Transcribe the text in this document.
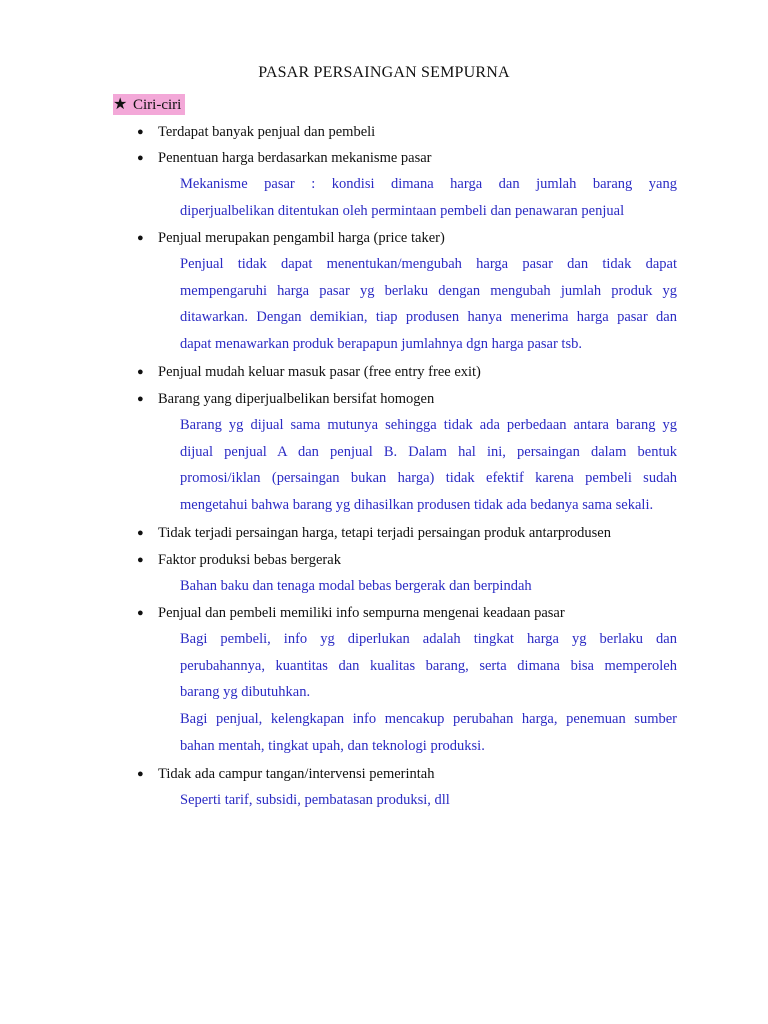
PASAR PERSAINGAN SEMPURNA
★ Ciri-ciri
● Terdapat banyak penjual dan pembeli
● Penentuan harga berdasarkan mekanisme pasar
Mekanisme pasar : kondisi dimana harga dan jumlah barang yang
diperjualbelikan ditentukan oleh permintaan pembeli dan penawaran penjual
● Penjual merupakan pengambil harga (price taker)
Penjual tidak dapat menentukan/mengubah harga pasar dan tidak dapat
mempengaruhi harga pasar yg berlaku dengan mengubah jumlah produk yg
ditawarkan. Dengan demikian, tiap produsen hanya menerima harga pasar dan
dapat menawarkan produk berapapun jumlahnya dgn harga pasar tsb.
● Penjual mudah keluar masuk pasar (free entry free exit)
● Barang yang diperjualbelikan bersifat homogen
Barang yg dijual sama mutunya sehingga tidak ada perbedaan antara barang yg
dijual penjual A dan penjual B. Dalam hal ini, persaingan dalam bentuk
promosi/iklan (persaingan bukan harga) tidak efektif karena pembeli sudah
mengetahui bahwa barang yg dihasilkan produsen tidak ada bedanya sama sekali.
● Tidak terjadi persaingan harga, tetapi terjadi persaingan produk antarprodusen
● Faktor produksi bebas bergerak
Bahan baku dan tenaga modal bebas bergerak dan berpindah
● Penjual dan pembeli memiliki info sempurna mengenai keadaan pasar
Bagi pembeli, info yg diperlukan adalah tingkat harga yg berlaku dan
perubahannya, kuantitas dan kualitas barang, serta dimana bisa memperoleh
barang yg dibutuhkan.
Bagi penjual, kelengkapan info mencakup perubahan harga, penemuan sumber
bahan mentah, tingkat upah, dan teknologi produksi.
● Tidak ada campur tangan/intervensi pemerintah
Seperti tarif, subsidi, pembatasan produksi, dll
